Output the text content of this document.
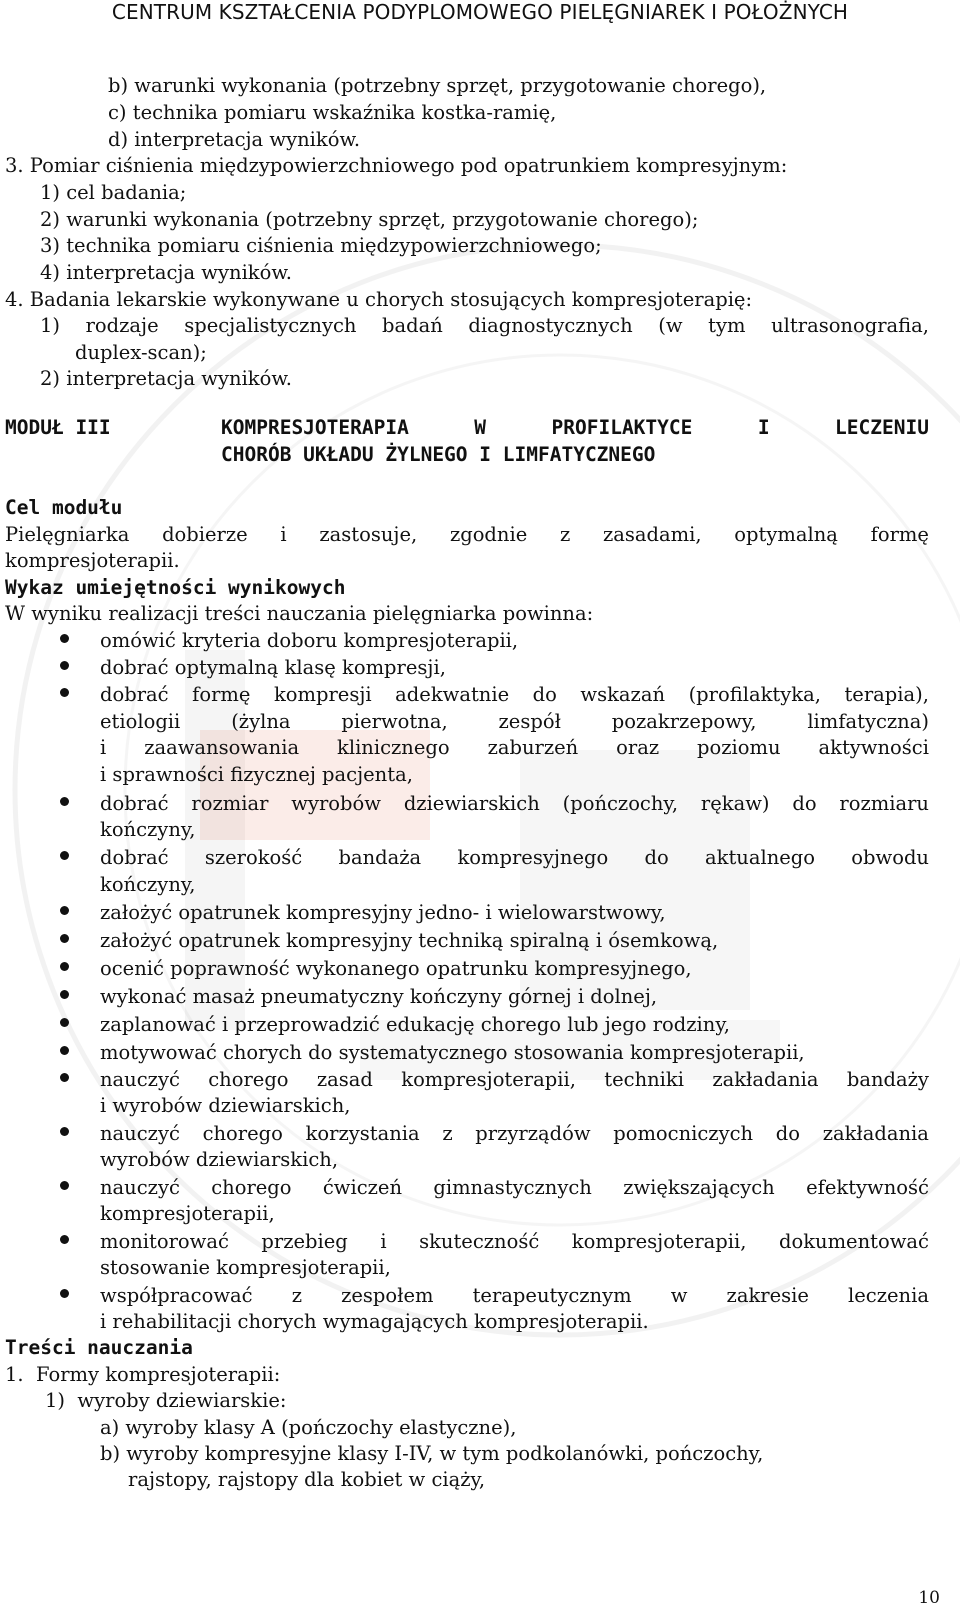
CENTRUM KSZTAŁCENIA PODYPLOMOWEGO PIELĘGNIAREK I POŁOŻNYCH
b) warunki wykonania (potrzebny sprzęt, przygotowanie chorego),
c) technika pomiaru wskaźnika kostka-ramię,
d) interpretacja wyników.
3. Pomiar ciśnienia międzypowierzchniowego pod opatrunkiem kompresyjnym:
1) cel badania;
2) warunki wykonania (potrzebny sprzęt, przygotowanie chorego);
3) technika pomiaru ciśnienia międzypowierzchniowego;
4) interpretacja wyników.
4. Badania lekarskie wykonywane u chorych stosujących kompresjoterapię:
1) rodzaje specjalistycznych badań diagnostycznych (w tym ultrasonografia,
duplex-scan);
2) interpretacja wyników.
MODUŁ III	KOMPRESJOTERAPIA	W	PROFILAKTYCE	I	LECZENIU
CHORÓB UKŁADU ŻYLNEGO I LIMFATYCZNEGO
Cel modułu
Pielęgniarka dobierze i zastosuje, zgodnie z zasadami, optymalną formę
kompresjoterapii.
Wykaz umiejętności wynikowych
W wyniku realizacji treści nauczania pielęgniarka powinna:
omówić kryteria doboru kompresjoterapii,
dobrać optymalną klasę kompresji,
dobrać formę kompresji adekwatnie do wskazań (profilaktyka, terapia),
etiologii	(żylna	pierwotna,	zespół	pozakrzepowy,	limfatyczna)
i zaawansowania klinicznego zaburzeń oraz poziomu aktywności
i sprawności fizycznej pacjenta,
dobrać rozmiar wyrobów dziewiarskich (pończochy, rękaw) do rozmiaru
kończyny,
dobrać szerokość bandaża kompresyjnego do aktualnego obwodu
kończyny,
założyć opatrunek kompresyjny jedno- i wielowarstwowy,
założyć opatrunek kompresyjny techniką spiralną i ósemkową,
ocenić poprawność wykonanego opatrunku kompresyjnego,
wykonać masaż pneumatyczny kończyny górnej i dolnej,
zaplanować i przeprowadzić edukację chorego lub jego rodziny,
motywować chorych do systematycznego stosowania kompresjoterapii,
nauczyć chorego zasad kompresjoterapii, techniki zakładania bandaży
i wyrobów dziewiarskich,
nauczyć chorego korzystania z przyrządów pomocniczych do zakładania
wyrobów dziewiarskich,
nauczyć chorego ćwiczeń gimnastycznych zwiększających efektywność
kompresjoterapii,
monitorować przebieg i skuteczność kompresjoterapii, dokumentować
stosowanie kompresjoterapii,
współpracować z zespołem terapeutycznym w zakresie leczenia
i rehabilitacji chorych wymagających kompresjoterapii.
Treści nauczania
1.  Formy kompresjoterapii:
1)  wyroby dziewiarskie:
a) wyroby klasy A (pończochy elastyczne),
b) wyroby kompresyjne klasy I-IV, w tym podkolanówki, pończochy,
rajstopy, rajstopy dla kobiet w ciąży,
10
